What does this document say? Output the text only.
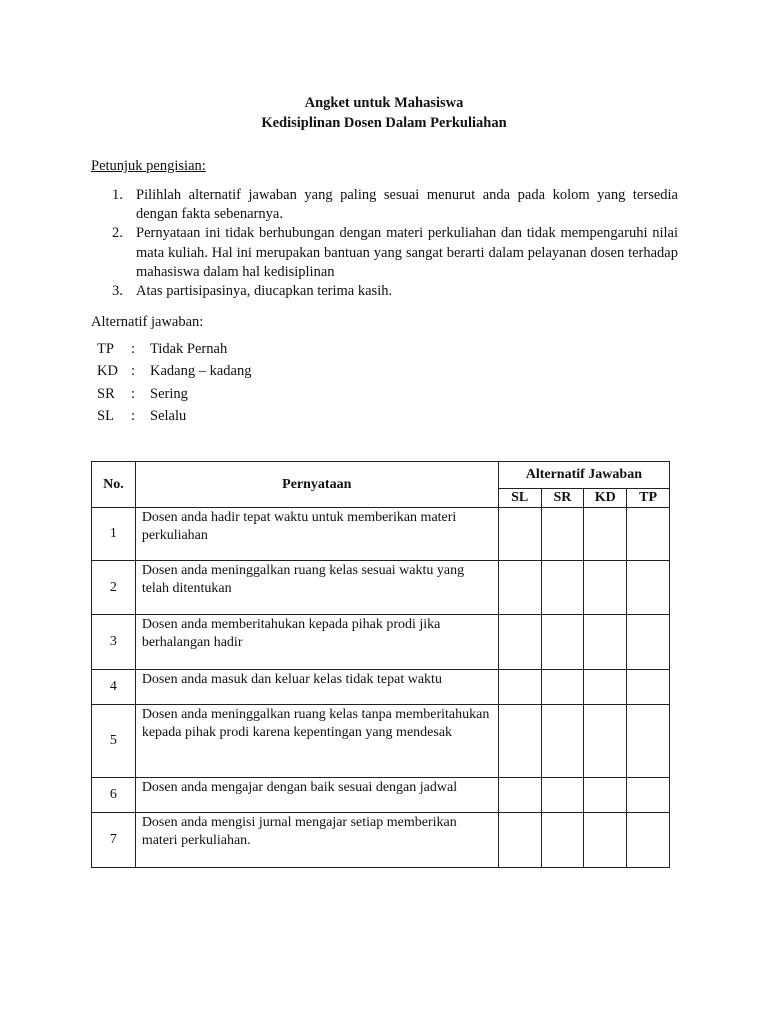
Angket untuk Mahasiswa
Kedisiplinan Dosen Dalam Perkuliahan
Petunjuk pengisian:
1. Pilihlah alternatif jawaban yang paling sesuai menurut anda pada kolom yang tersedia dengan fakta sebenarnya.
2. Pernyataan ini tidak berhubungan dengan materi perkuliahan dan tidak mempengaruhi nilai mata kuliah. Hal ini merupakan bantuan yang sangat berarti dalam pelayanan dosen terhadap mahasiswa dalam hal kedisiplinan
3. Atas partisipasinya, diucapkan terima kasih.
Alternatif jawaban:
TP	:	Tidak Pernah
KD :	Kadang – kadang
SR	:	Sering
SL	:	Selalu
No.	Pernyataan	Alternatif Jawaban			
		SL	SR	KD	TP
1	Dosen anda hadir tepat waktu untuk memberikan materi perkuliahan				
2	Dosen anda meninggalkan ruang kelas sesuai waktu yang telah ditentukan				
3	Dosen anda memberitahukan kepada pihak prodi jika berhalangan hadir				
4	Dosen anda masuk dan keluar kelas tidak tepat waktu				
5	Dosen anda meninggalkan ruang kelas tanpa memberitahukan kepada pihak prodi karena kepentingan yang mendesak				
6	Dosen anda mengajar dengan baik sesuai dengan jadwal				
7	Dosen anda mengisi jurnal mengajar setiap memberikan materi perkuliahan.				
